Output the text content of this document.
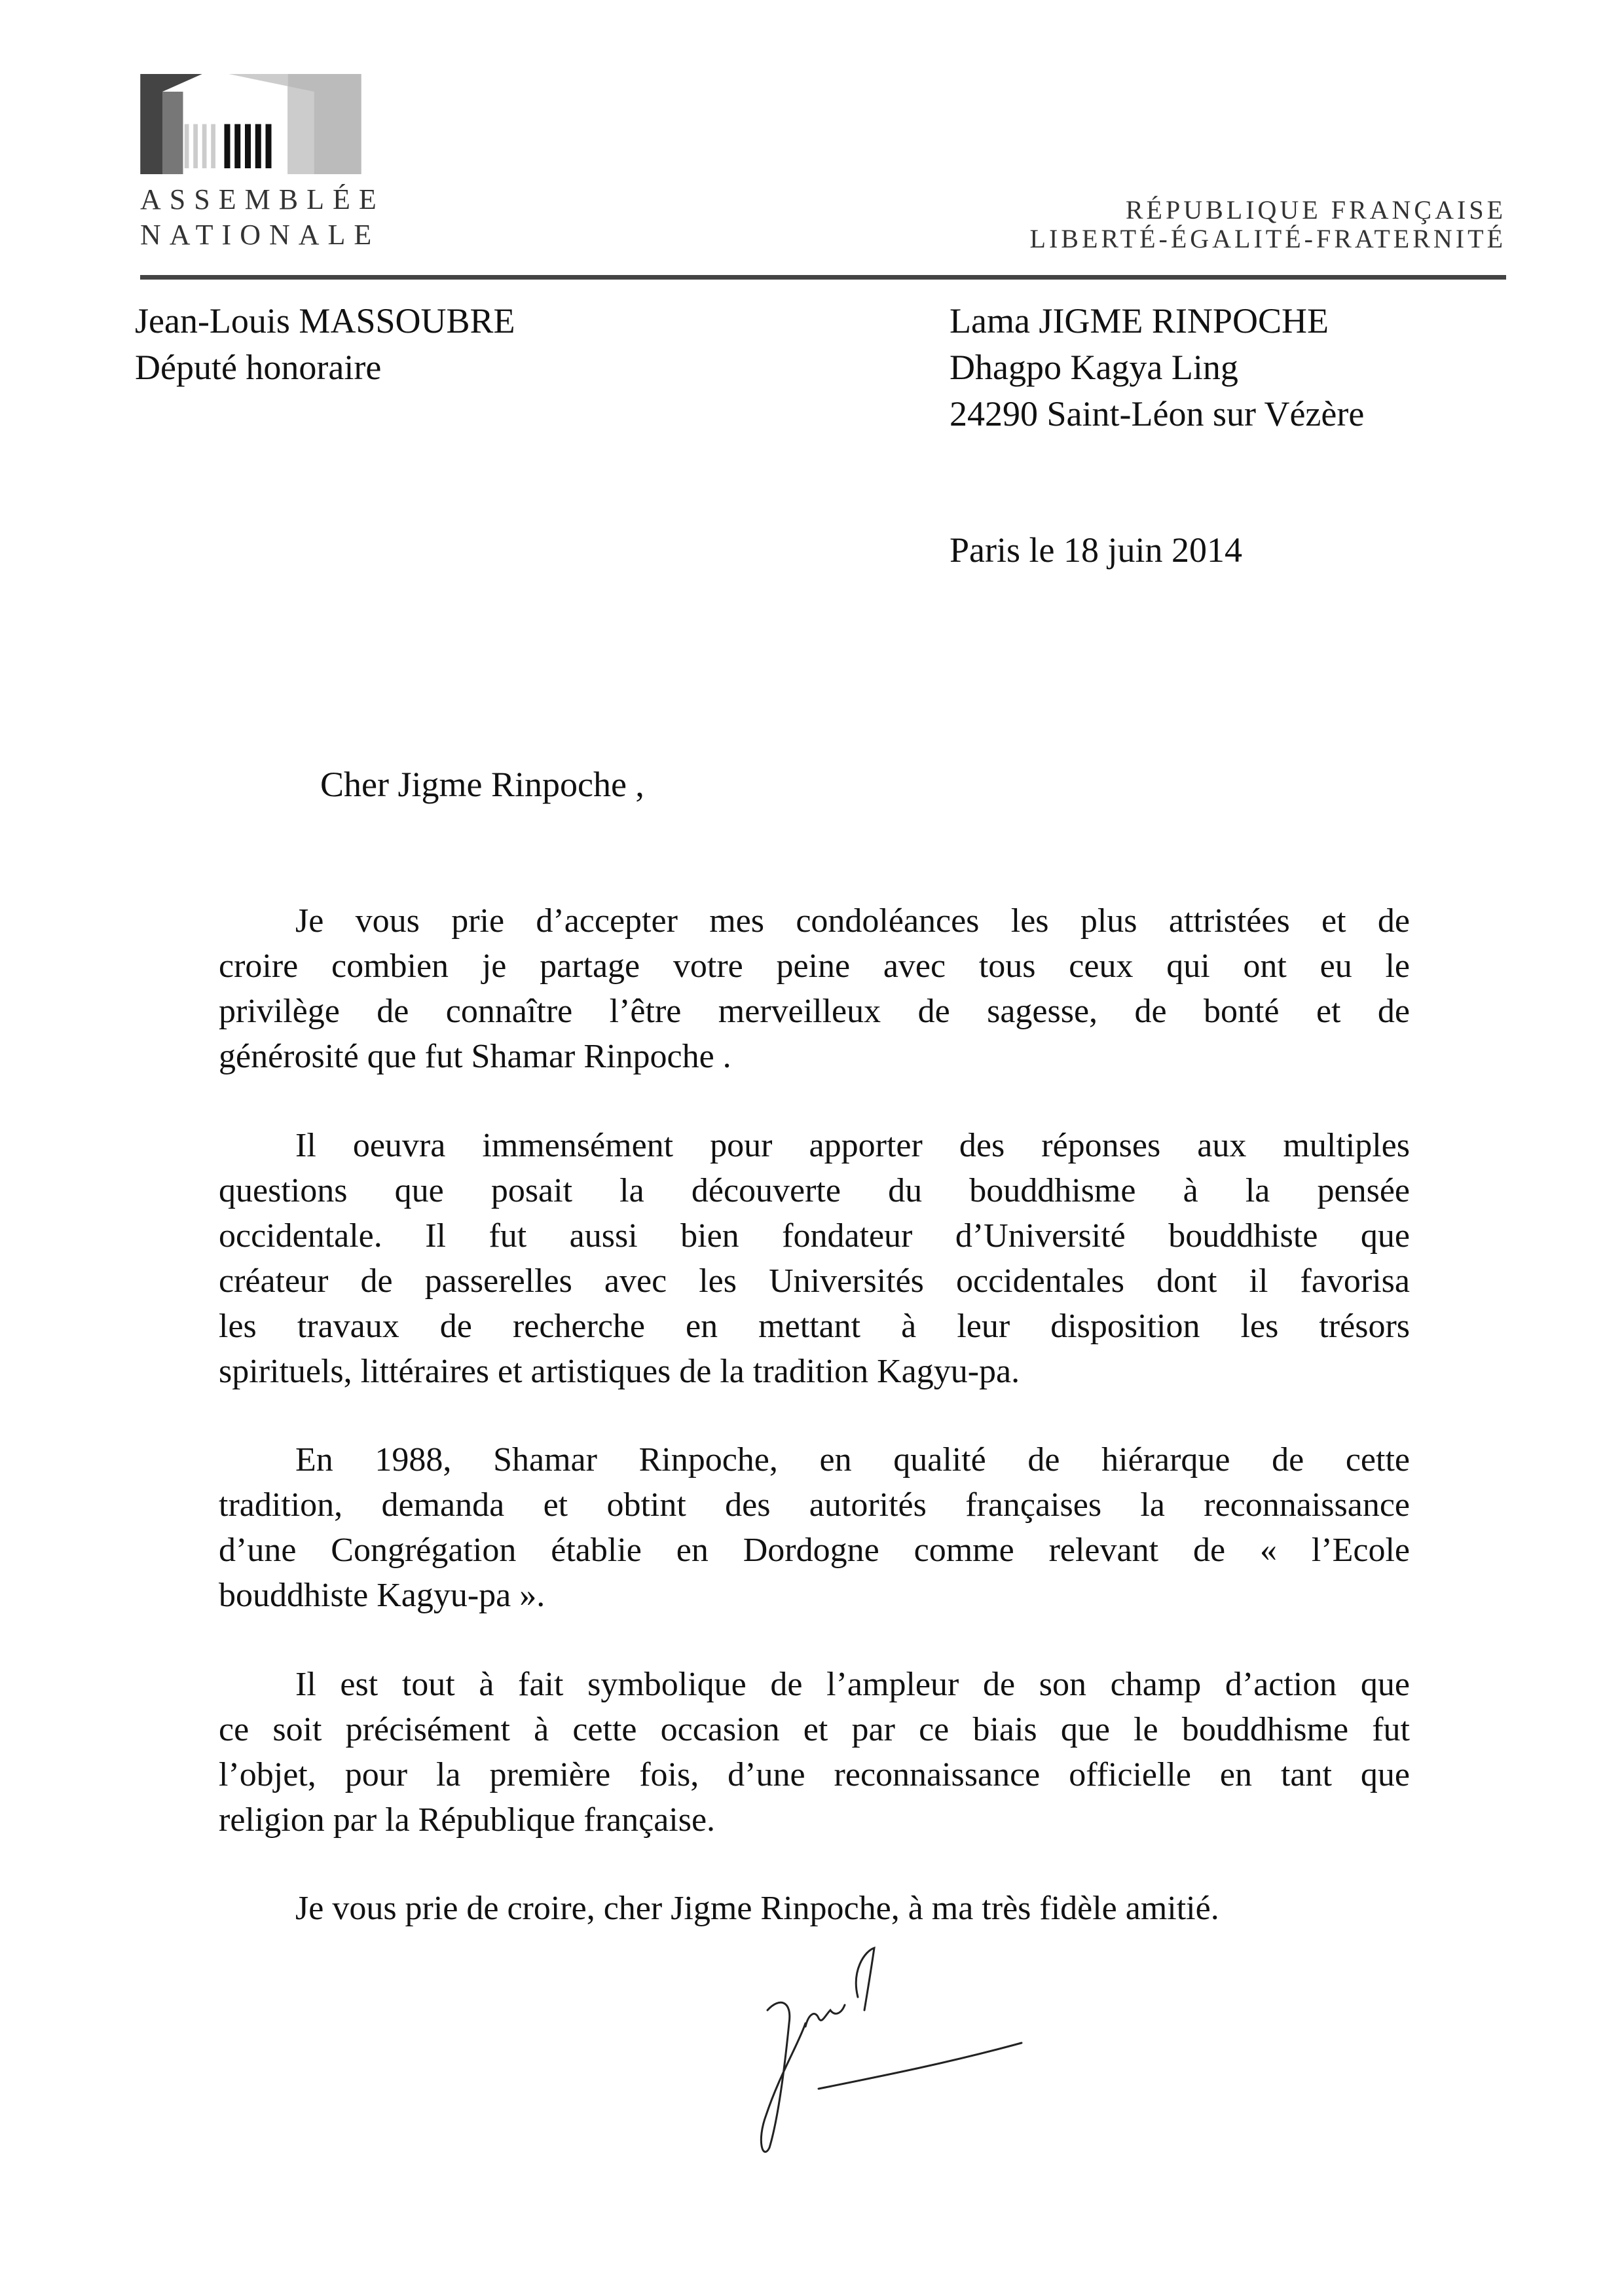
ASSEMBLÉE
NATIONALE
RÉPUBLIQUE FRANÇAISE
LIBERTÉ-ÉGALITÉ-FRATERNITÉ
Jean-Louis MASSOUBRE
Député honoraire
Lama JIGME RINPOCHE
Dhagpo Kagya Ling
24290 Saint-Léon sur Vézère
Paris le 18 juin 2014
Cher Jigme Rinpoche ,
Je vous prie d’accepter mes condoléances les plus attristées et de
croire combien je partage votre peine avec tous ceux qui ont eu le
privilège de connaître l’être merveilleux de sagesse, de bonté et de
générosité que fut Shamar Rinpoche .
Il oeuvra immensément pour apporter des réponses aux multiples
questions que posait la découverte du bouddhisme à la pensée
occidentale. Il fut aussi bien fondateur d’Université bouddhiste que
créateur de passerelles avec les Universités occidentales dont il favorisa
les travaux de recherche en mettant à leur disposition les trésors
spirituels, littéraires et artistiques de la tradition Kagyu-pa.
En 1988, Shamar Rinpoche, en qualité de hiérarque de cette
tradition, demanda et obtint des autorités françaises la reconnaissance
d’une Congrégation établie en Dordogne comme relevant de « l’Ecole
bouddhiste Kagyu-pa ».
Il est tout à fait symbolique de l’ampleur de son champ d’action que
ce soit précisément à cette occasion et par ce biais que le bouddhisme fut
l’objet, pour la première fois, d’une reconnaissance officielle en tant que
religion par la République française.
Je vous prie de croire, cher Jigme Rinpoche, à ma très fidèle amitié.
